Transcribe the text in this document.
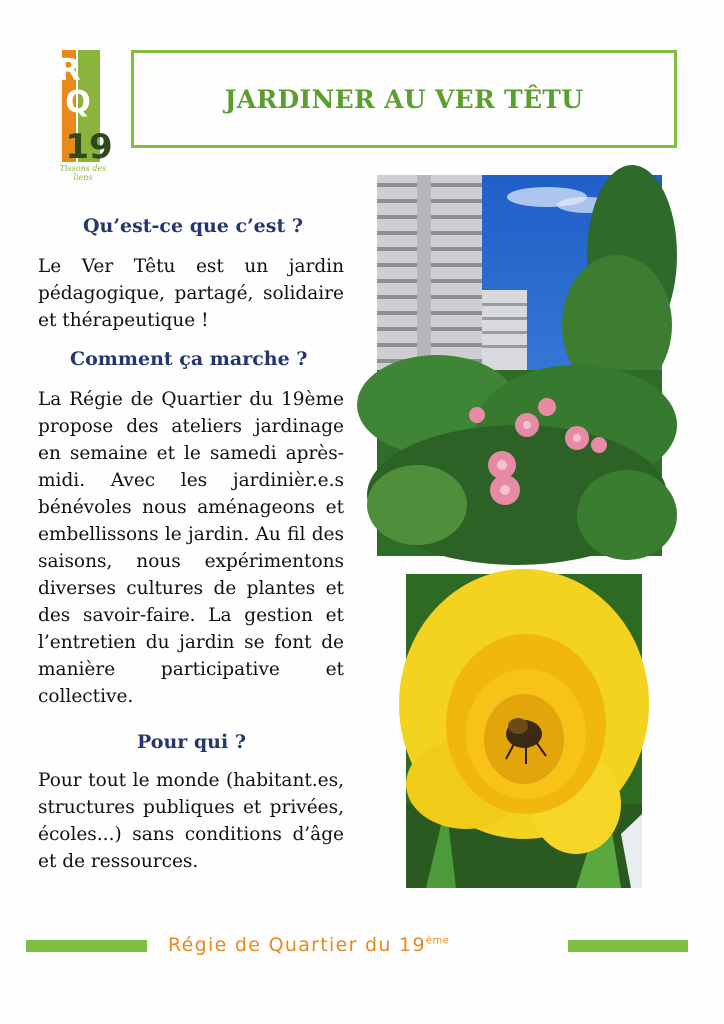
R
Q
19
Tissons des liens
JARDINER AU VER TÊTU
Qu’est-ce que c’est ?
Le Ver Têtu est un jardin pédagogique, partagé, solidaire et thérapeutique !
Comment ça marche ?
La Régie de Quartier du 19ème propose des ateliers jardinage en semaine et le samedi après-midi. Avec les jardinièr.e.s bénévoles nous aménageons et embellissons le jardin. Au fil des saisons, nous expérimentons diverses cultures de plantes et des savoir-faire. La gestion et l’entretien du jardin se font de manière participative et collective.
Pour qui ?
Pour tout le monde (habitant.es, structures publiques et privées, écoles...) sans conditions d’âge et de ressources.
Régie de Quartier du 19ème
